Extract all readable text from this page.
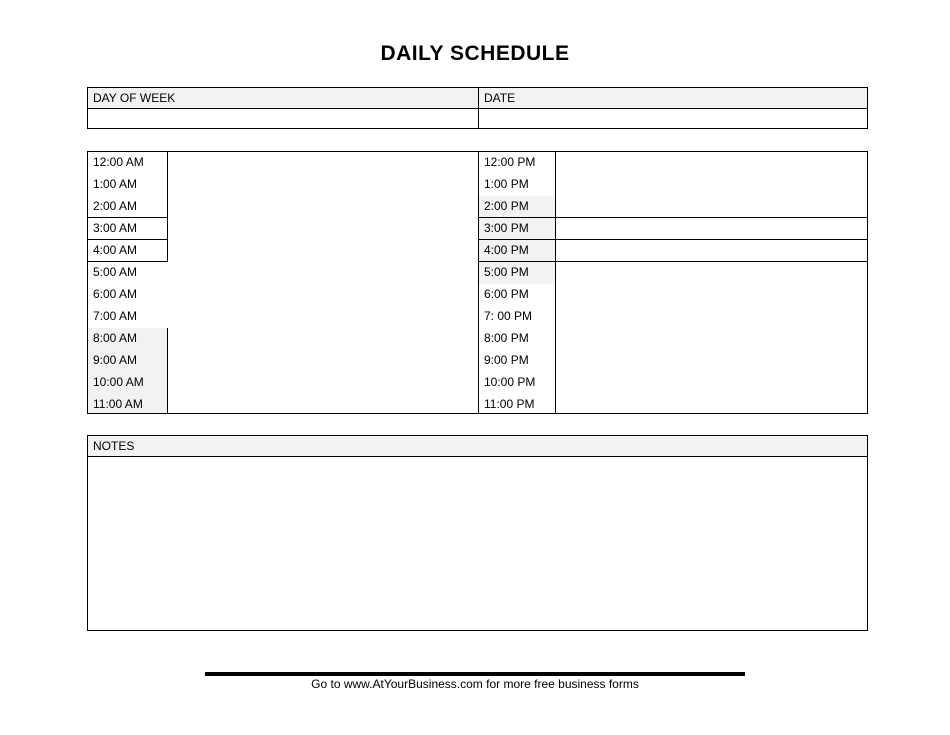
DAILY SCHEDULE
DAY OF WEEK	DATE
12:00 AM
1:00 AM
2:00 AM
3:00 AM
4:00 AM
5:00 AM
6:00 AM
7:00 AM
8:00 AM
9:00 AM
10:00 AM
11:00 AM
12:00 PM
1:00 PM
2:00 PM
3:00 PM
4:00 PM
5:00 PM
6:00 PM
7: 00 PM
8:00 PM
9:00 PM
10:00 PM
11:00 PM
NOTES
Go to www.AtYourBusiness.com for more free business forms
